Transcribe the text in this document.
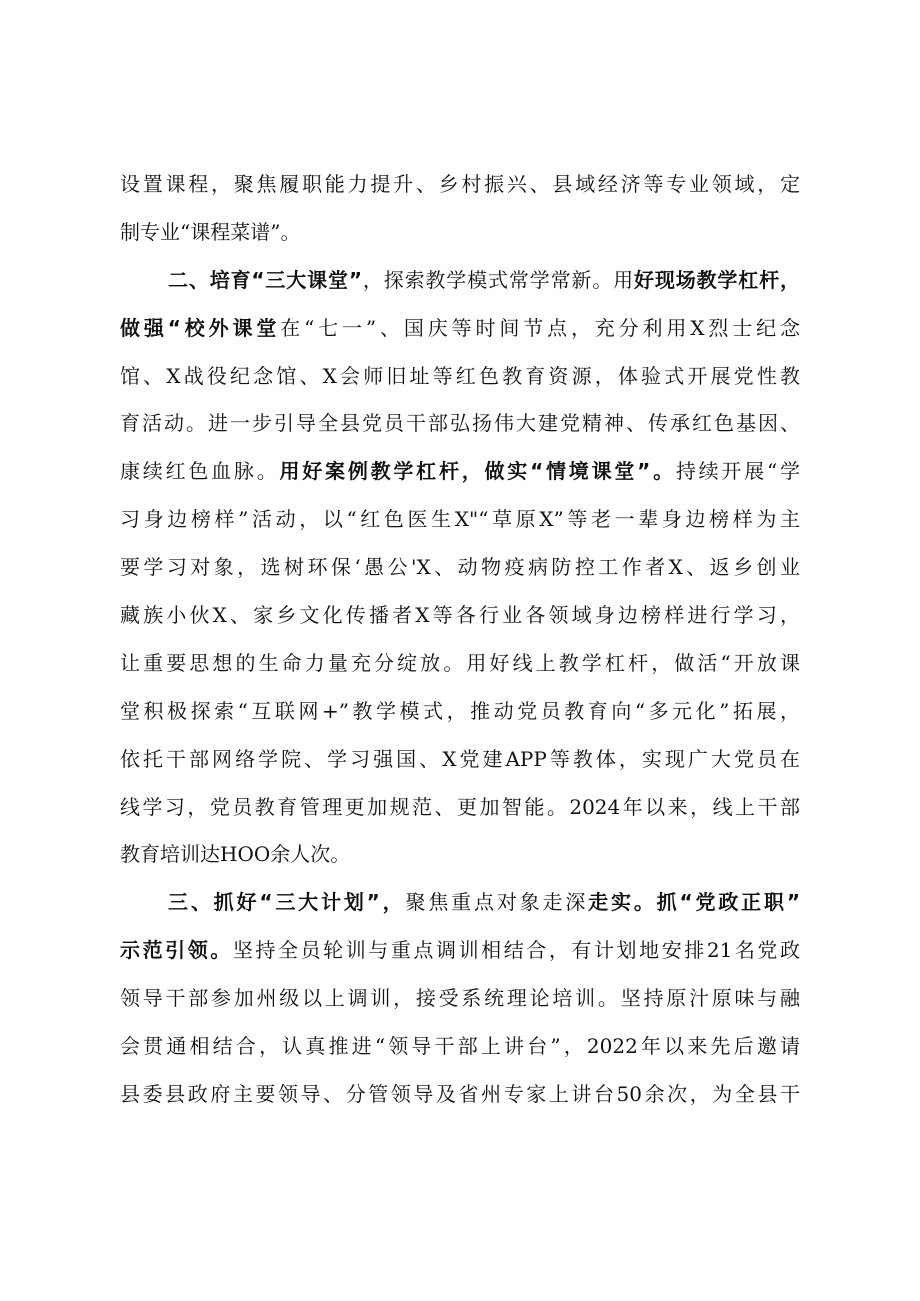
设置课程，聚焦履职能力提升、乡村振兴、县域经济等专业领域，定
制专业“课程菜谱”。
二、培育“三大课堂”，探索教学模式常学常新。用好现场教学杠杆，
做强“校外课堂在“七一”、国庆等时间节点，充分利用X烈士纪念
馆、X战役纪念馆、X会师旧址等红色教育资源，体验式开展党性教
育活动。进一步引导全县党员干部弘扬伟大建党精神、传承红色基因、
康续红色血脉。用好案例教学杠杆，做实“情境课堂”。持续开展“学
习身边榜样”活动，以“红色医生X"“草原X”等老一辈身边榜样为主
要学习对象，选树环保‘愚公'X、动物疫病防控工作者X、返乡创业
藏族小伙X、家乡文化传播者X等各行业各领域身边榜样进行学习，
让重要思想的生命力量充分绽放。用好线上教学杠杆，做活“开放课
堂积极探索“互联网+”教学模式，推动党员教育向“多元化”拓展，
依托干部网络学院、学习强国、X党建APP等教体，实现广大党员在
线学习，党员教育管理更加规范、更加智能。2024年以来，线上干部
教育培训达HOO余人次。
三、抓好“三大计划”，聚焦重点对象走深走实。抓“党政正职”
示范引领。坚持全员轮训与重点调训相结合，有计划地安排21名党政
领导干部参加州级以上调训，接受系统理论培训。坚持原汁原味与融
会贯通相结合，认真推进“领导干部上讲台”，2022年以来先后邀请
县委县政府主要领导、分管领导及省州专家上讲台50余次，为全县干
